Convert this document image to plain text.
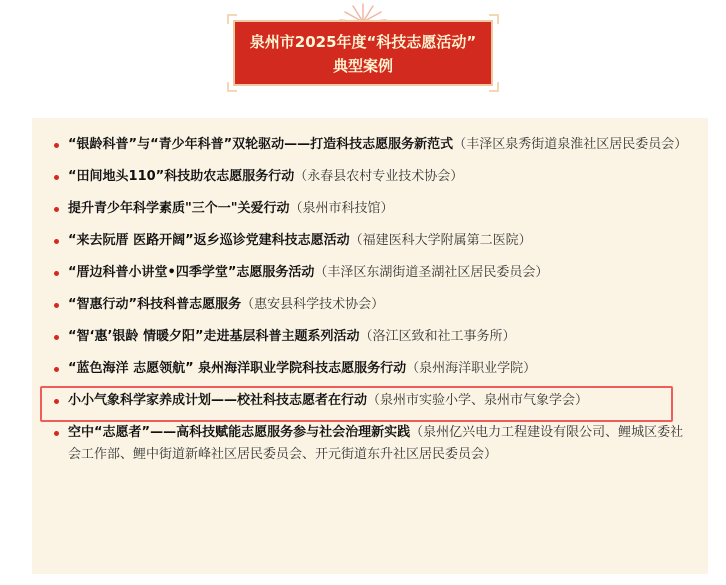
泉州市2025年度“科技志愿活动”
典型案例
“银龄科普”与“青少年科普”双轮驱动——打造科技志愿服务新范式（丰泽区泉秀街道泉淮社区居民委员会）
“田间地头110”科技助农志愿服务行动（永春县农村专业技术协会）
提升青少年科学素质"三个一"关爱行动（泉州市科技馆）
“来去阮厝 医路开阔”返乡巡诊党建科技志愿活动（福建医科大学附属第二医院）
“厝边科普小讲堂•四季学堂”志愿服务活动（丰泽区东湖街道圣湖社区居民委员会）
“智惠行动”科技科普志愿服务（惠安县科学技术协会）
“智‘惠’银龄 情暖夕阳”走进基层科普主题系列活动（洛江区致和社工事务所）
“蓝色海洋 志愿领航” 泉州海洋职业学院科技志愿服务行动（泉州海洋职业学院）
小小气象科学家养成计划——校社科技志愿者在行动（泉州市实验小学、泉州市气象学会）
空中“志愿者”——高科技赋能志愿服务参与社会治理新实践（泉州亿兴电力工程建设有限公司、鲤城区委社会工作部、鲤中街道新峰社区居民委员会、开元街道东升社区居民委员会）
